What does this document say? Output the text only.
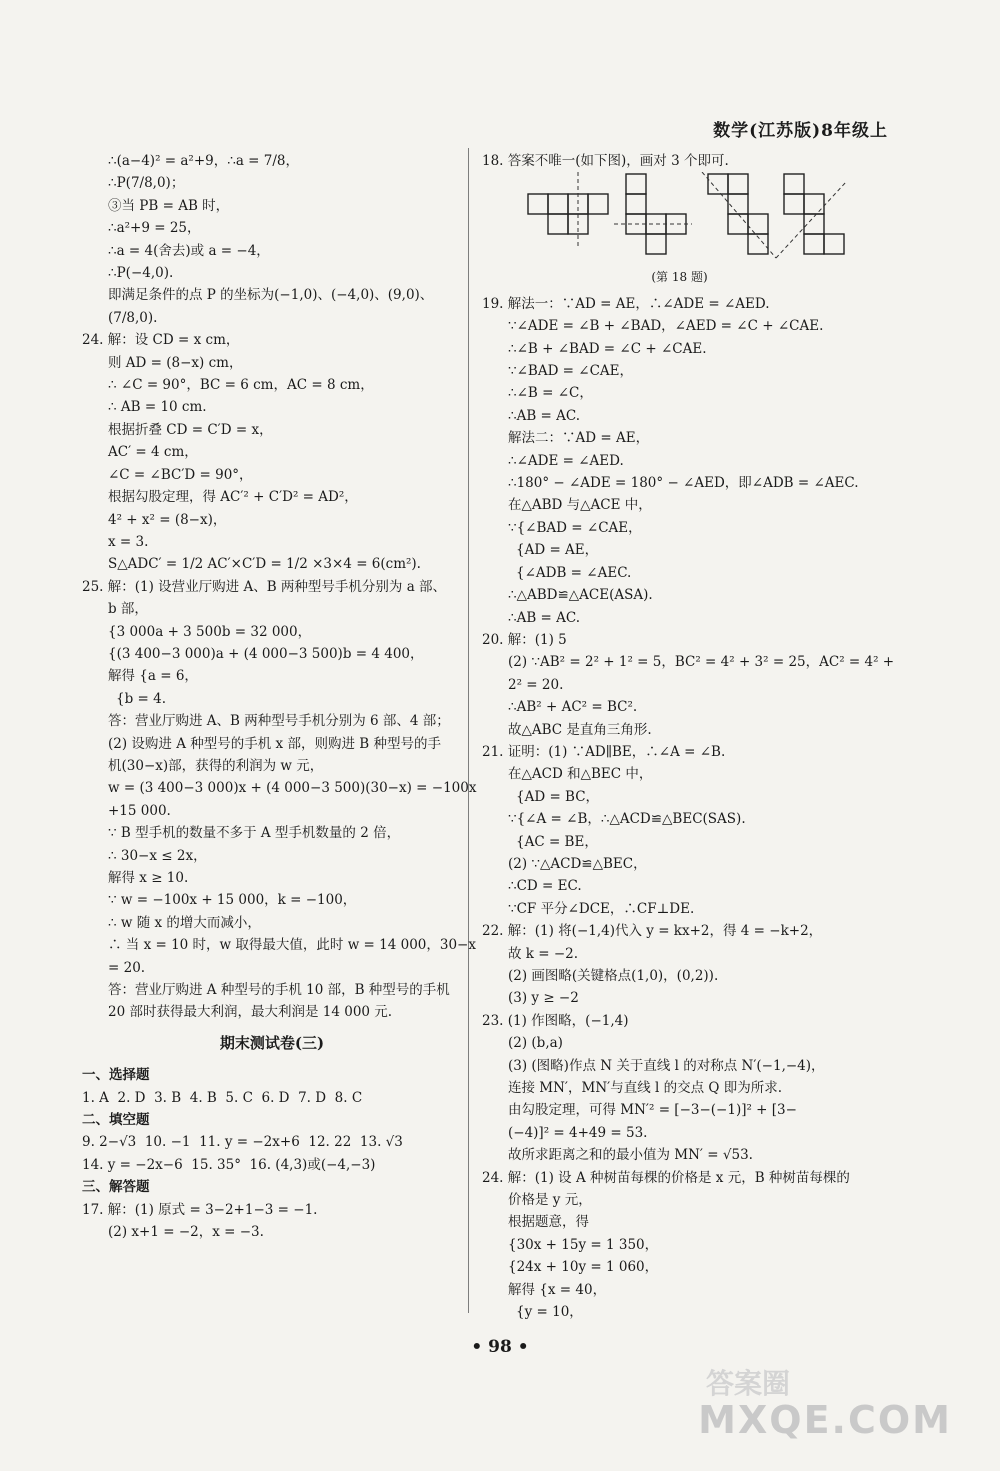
数学(江苏版)8年级上
∴(a−4)² = a²+9，∴a = 7/8，
∴P(7/8,0)；
③当 PB = AB 时，
∴a²+9 = 25，
∴a = 4(舍去)或 a = −4，
∴P(−4,0).
即满足条件的点 P 的坐标为(−1,0)、(−4,0)、(9,0)、
(7/8,0).
24. 解：设 CD = x cm，
则 AD = (8−x) cm，
∴ ∠C = 90°，BC = 6 cm，AC = 8 cm，
∴ AB = 10 cm.
根据折叠 CD = C′D = x，
AC′ = 4 cm，
∠C = ∠BC′D = 90°，
根据勾股定理，得 AC′² + C′D² = AD²，
4² + x² = (8−x)，
x = 3.
S△ADC′ = 1/2 AC′×C′D = 1/2 ×3×4 = 6(cm²).
25. 解：(1) 设营业厅购进 A、B 两种型号手机分别为 a 部、
b 部，
{3 000a + 3 500b = 32 000，
{(3 400−3 000)a + (4 000−3 500)b = 4 400，
解得 {a = 6，
{b = 4.
答：营业厅购进 A、B 两种型号手机分别为 6 部、4 部；
(2) 设购进 A 种型号的手机 x 部，则购进 B 种型号的手
机(30−x)部，获得的利润为 w 元，
w = (3 400−3 000)x + (4 000−3 500)(30−x) = −100x
+15 000.
∵ B 型手机的数量不多于 A 型手机数量的 2 倍，
∴ 30−x ≤ 2x，
解得 x ≥ 10.
∵ w = −100x + 15 000，k = −100，
∴ w 随 x 的增大而减小，
∴ 当 x = 10 时，w 取得最大值，此时 w = 14 000，30−x
= 20.
答：营业厅购进 A 种型号的手机 10 部，B 种型号的手机
20 部时获得最大利润，最大利润是 14 000 元.
期末测试卷(三)
一、选择题
1. A  2. D  3. B  4. B  5. C  6. D  7. D  8. C
二、填空题
9. 2−√3  10. −1  11. y = −2x+6  12. 22  13. √3
14. y = −2x−6  15. 35°  16. (4,3)或(−4,−3)
三、解答题
17. 解：(1) 原式 = 3−2+1−3 = −1.
(2) x+1 = −2，x = −3.
18. 答案不唯一(如下图)，画对 3 个即可.
(第 18 题)
19. 解法一：∵AD = AE，∴∠ADE = ∠AED.
∵∠ADE = ∠B + ∠BAD，∠AED = ∠C + ∠CAE.
∴∠B + ∠BAD = ∠C + ∠CAE.
∵∠BAD = ∠CAE，
∴∠B = ∠C，
∴AB = AC.
解法二：∵AD = AE，
∴∠ADE = ∠AED.
∴180° − ∠ADE = 180° − ∠AED，即∠ADB = ∠AEC.
在△ABD 与△ACE 中，
∵{∠BAD = ∠CAE，
{AD = AE，
{∠ADB = ∠AEC.
∴△ABD≌△ACE(ASA).
∴AB = AC.
20. 解：(1) 5
(2) ∵AB² = 2² + 1² = 5，BC² = 4² + 3² = 25，AC² = 4² +
2² = 20.
∴AB² + AC² = BC².
故△ABC 是直角三角形.
21. 证明：(1) ∵AD∥BE，∴∠A = ∠B.
在△ACD 和△BEC 中，
{AD = BC，
∵{∠A = ∠B，∴△ACD≌△BEC(SAS).
{AC = BE，
(2) ∵△ACD≌△BEC，
∴CD = EC.
∵CF 平分∠DCE，∴CF⊥DE.
22. 解：(1) 将(−1,4)代入 y = kx+2，得 4 = −k+2，
故 k = −2.
(2) 画图略(关键格点(1,0)，(0,2)).
(3) y ≥ −2
23. (1) 作图略，(−1,4)
(2) (b,a)
(3) (图略)作点 N 关于直线 l 的对称点 N′(−1,−4)，
连接 MN′，MN′与直线 l 的交点 Q 即为所求.
由勾股定理，可得 MN′² = [−3−(−1)]² + [3−
(−4)]² = 4+49 = 53.
故所求距离之和的最小值为 MN′ = √53.
24. 解：(1) 设 A 种树苗每棵的价格是 x 元，B 种树苗每棵的
价格是 y 元，
根据题意，得
{30x + 15y = 1 350，
{24x + 10y = 1 060，
解得 {x = 40，
{y = 10，
• 98 •
答案圈
MXQE.COM
